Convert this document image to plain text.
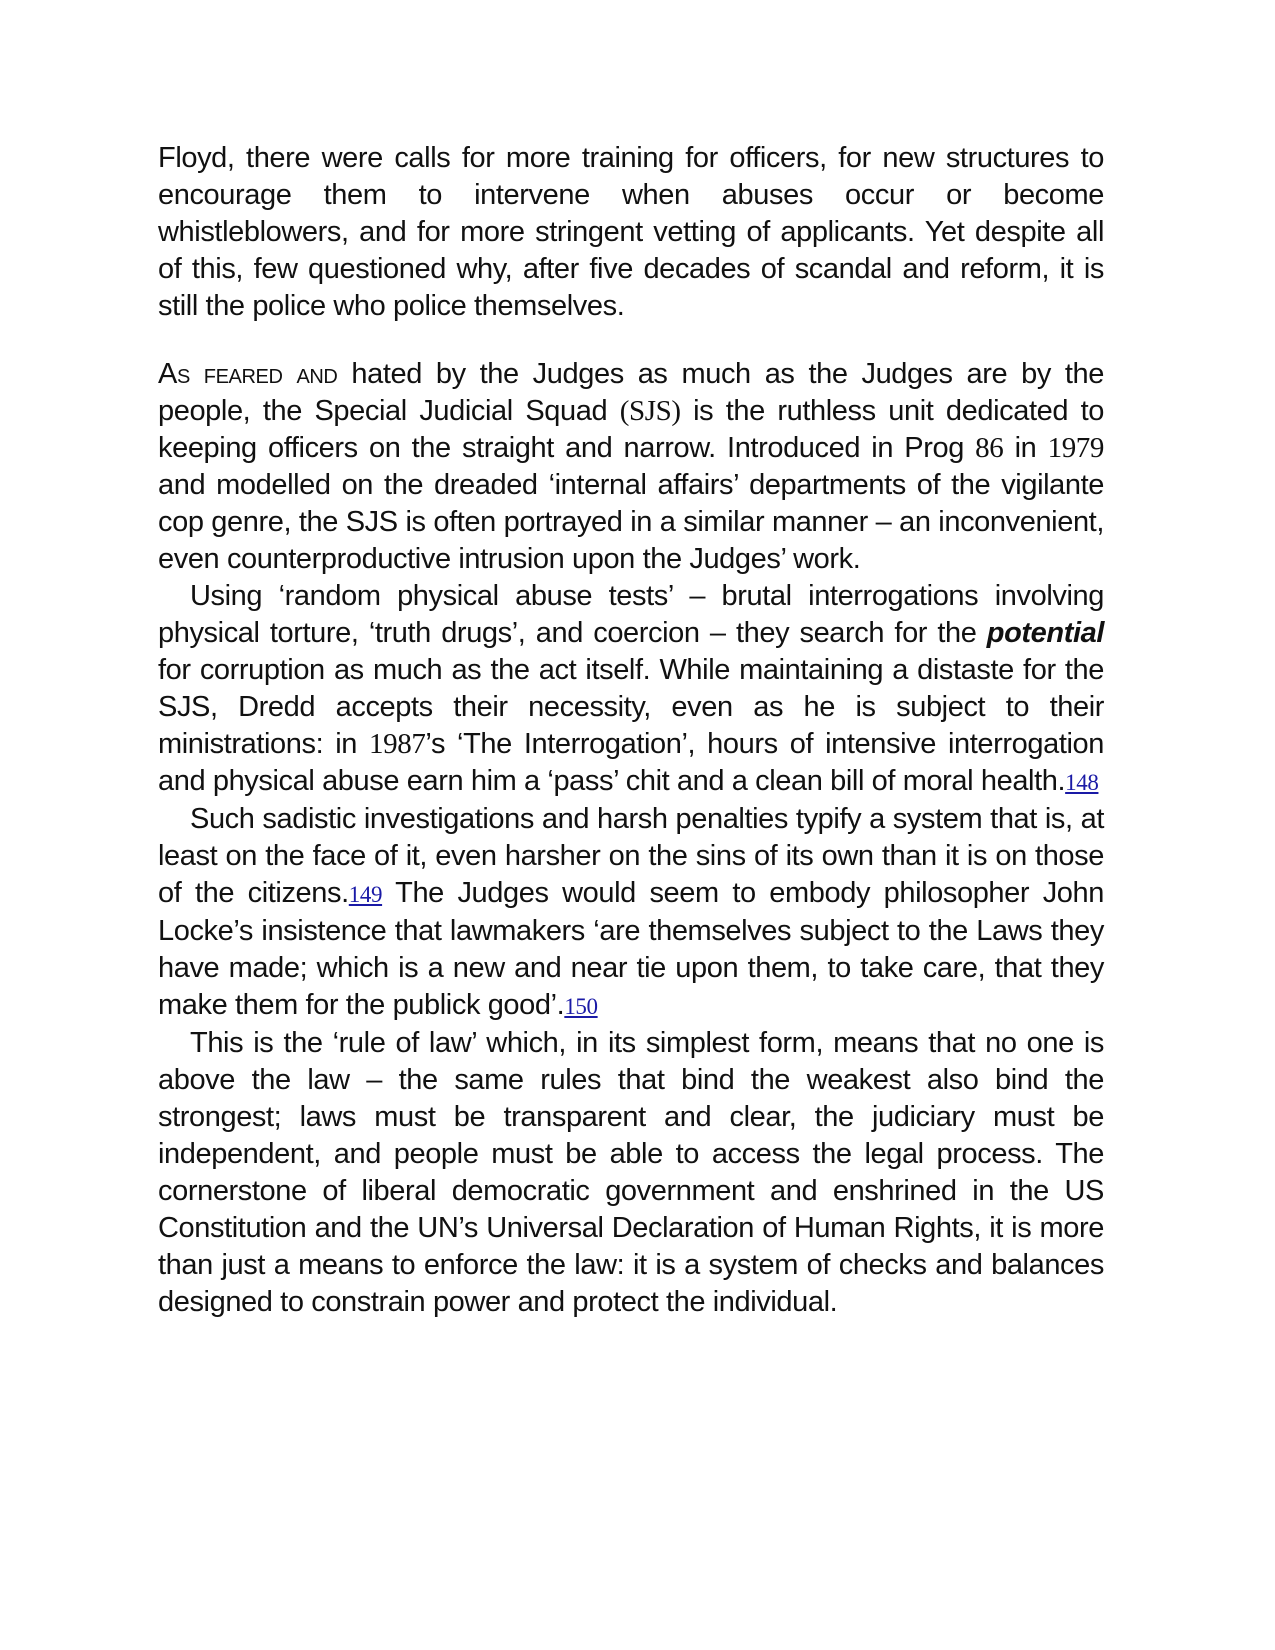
Floyd, there were calls for more training for officers, for new structures to encourage them to intervene when abuses occur or become whistleblowers, and for more stringent vetting of applicants. Yet despite all of this, few questioned why, after five decades of scandal and reform, it is still the police who police themselves.

As feared and hated by the Judges as much as the Judges are by the people, the Special Judicial Squad (SJS) is the ruthless unit dedicated to keeping officers on the straight and narrow. Introduced in Prog 86 in 1979 and modelled on the dreaded ‘internal affairs’ departments of the vigilante cop genre, the SJS is often portrayed in a similar manner – an inconvenient, even counterproductive intrusion upon the Judges’ work.

Using ‘random physical abuse tests’ – brutal interrogations involving physical torture, ‘truth drugs’, and coercion – they search for the potential for corruption as much as the act itself. While maintaining a distaste for the SJS, Dredd accepts their necessity, even as he is subject to their ministrations: in 1987’s ‘The Interrogation’, hours of intensive interrogation and physical abuse earn him a ‘pass’ chit and a clean bill of moral health.148

Such sadistic investigations and harsh penalties typify a system that is, at least on the face of it, even harsher on the sins of its own than it is on those of the citizens.149 The Judges would seem to embody philosopher John Locke’s insistence that lawmakers ‘are themselves subject to the Laws they have made; which is a new and near tie upon them, to take care, that they make them for the publick good’.150

This is the ‘rule of law’ which, in its simplest form, means that no one is above the law – the same rules that bind the weakest also bind the strongest; laws must be transparent and clear, the judiciary must be independent, and people must be able to access the legal process. The cornerstone of liberal democratic government and enshrined in the US Constitution and the UN’s Universal Declaration of Human Rights, it is more than just a means to enforce the law: it is a system of checks and balances designed to constrain power and protect the individual.
